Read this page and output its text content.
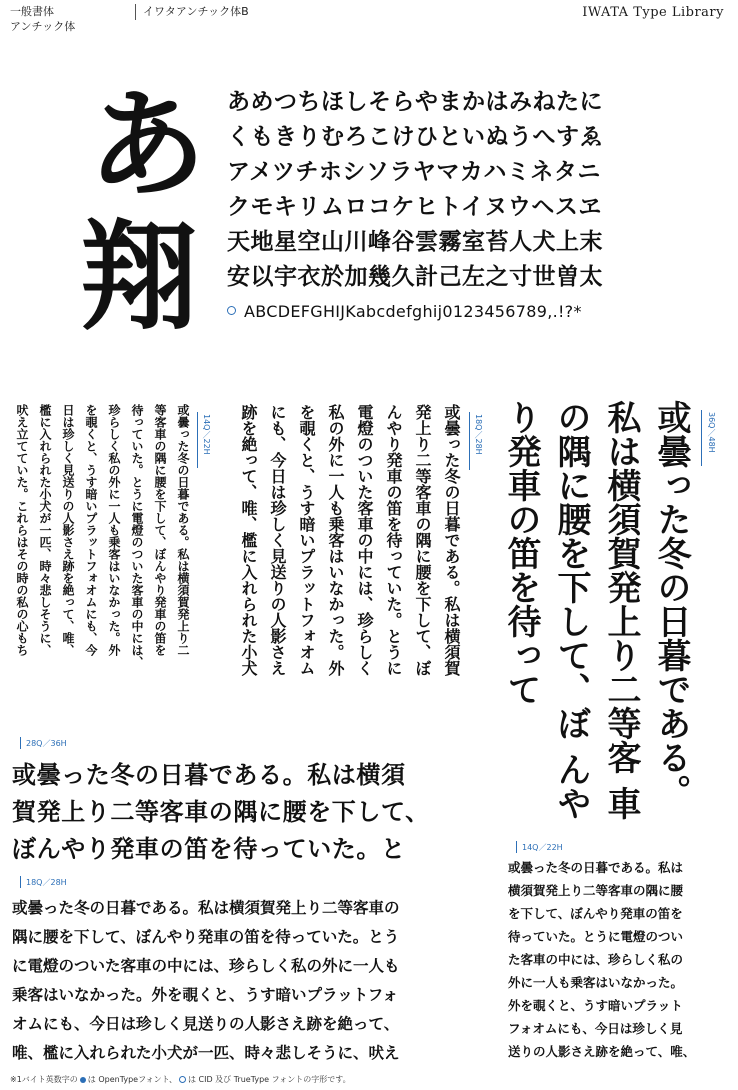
一般書体
アンチック体
イワタアンチック体B	IWATA Type Library
あ
翔
あめつちほしそらやまかはみねたに
くもきりむろこけひといぬうへすゑ
アメツチホシソラヤマカハミネタニ
クモキリムロコケヒトイヌウヘスヱ
天地星空山川峰谷雲霧室苔人犬上末
安以宇衣於加幾久計己左之寸世曽太
ABCDEFGHIJKabcdefghij0123456789,.!?*
36Q／48H
或曇った冬の日暮である。 私は横須賀発上り二等客 車の隅に腰を下して、ぼ んやり発車の笛を待って
18Q／28H
或曇った冬の日暮である。私は横須賀
発上り二等客車の隅に腰を下して、ぼ
んやり発車の笛を待っていた。とうに
電燈のついた客車の中には、珍らしく
私の外に一人も乗客はいなかった。外
を覗くと、うす暗いプラットフォオム
にも、今日は珍しく見送りの人影さえ
跡を絶って、唯、檻に入れられた小犬
14Q／22H
或曇った冬の日暮である。私は横須賀発上り二
等客車の隅に腰を下して、ぼんやり発車の笛を
待っていた。とうに電燈のついた客車の中には、
珍らしく私の外に一人も乗客はいなかった。外
を覗くと、うす暗いプラットフォオムにも、今
日は珍しく見送りの人影さえ跡を絶って、唯、
檻に入れられた小犬が一匹、時々悲しそうに、
吠え立てていた。これらはその時の私の心もち
28Q／36H
或曇った冬の日暮である。私は横須
賀発上り二等客車の隅に腰を下して、
ぼんやり発車の笛を待っていた。と
18Q／28H
或曇った冬の日暮である。私は横須賀発上り二等客車の
隅に腰を下して、ぼんやり発車の笛を待っていた。とう
に電燈のついた客車の中には、珍らしく私の外に一人も
乗客はいなかった。外を覗くと、うす暗いプラットフォ
オムにも、今日は珍しく見送りの人影さえ跡を絶って、
唯、檻に入れられた小犬が一匹、時々悲しそうに、吠え
14Q／22H
或曇った冬の日暮である。私は
横須賀発上り二等客車の隅に腰
を下して、ぼんやり発車の笛を
待っていた。とうに電燈のつい
た客車の中には、珍らしく私の
外に一人も乗客はいなかった。
外を覗くと、うす暗いプラット
フォオムにも、今日は珍しく見
送りの人影さえ跡を絶って、唯、
※1バイト英数字の は OpenTypeフォント、 は CID 及び TrueType フォントの字形です。
